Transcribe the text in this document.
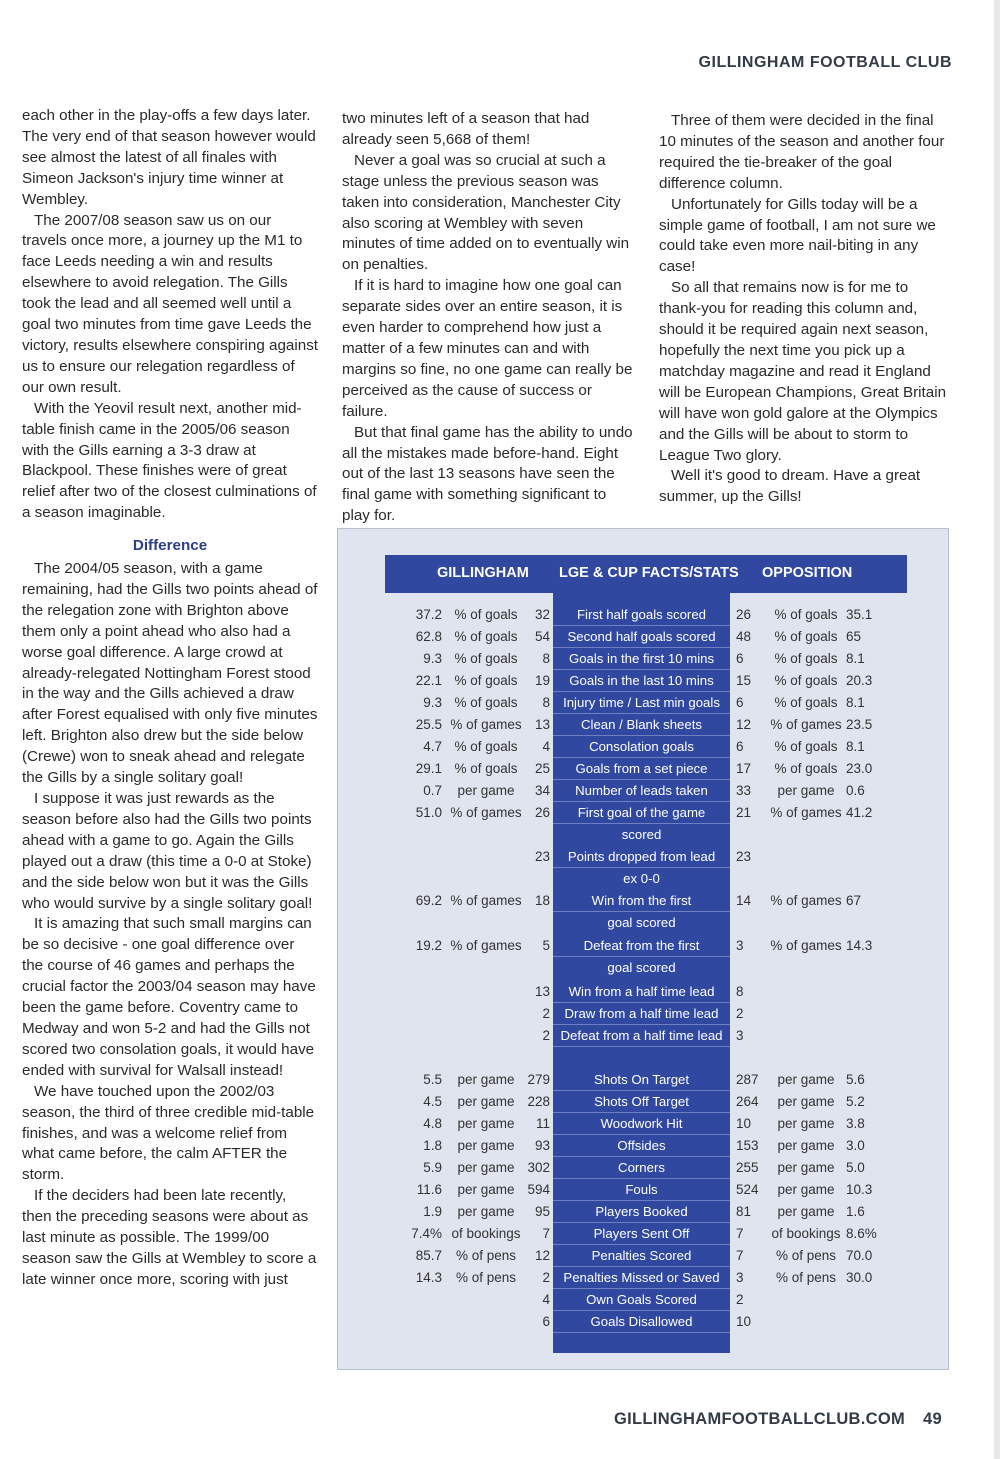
GILLINGHAM FOOTBALL CLUB

each other in the play-offs a few days later. The very end of that season however would see almost the latest of all finales with Simeon Jackson's injury time winner at Wembley.

The 2007/08 season saw us on our travels once more, a journey up the M1 to face Leeds needing a win and results elsewhere to avoid relegation. The Gills took the lead and all seemed well until a goal two minutes from time gave Leeds the victory, results elsewhere conspiring against us to ensure our relegation regardless of our own result.

With the Yeovil result next, another mid-table finish came in the 2005/06 season with the Gills earning a 3-3 draw at Blackpool. These finishes were of great relief after two of the closest culminations of a season imaginable.

Difference

The 2004/05 season, with a game remaining, had the Gills two points ahead of the relegation zone with Brighton above them only a point ahead who also had a worse goal difference. A large crowd at already-relegated Nottingham Forest stood in the way and the Gills achieved a draw after Forest equalised with only five minutes left. Brighton also drew but the side below (Crewe) won to sneak ahead and relegate the Gills by a single solitary goal!

I suppose it was just rewards as the season before also had the Gills two points ahead with a game to go. Again the Gills played out a draw (this time a 0-0 at Stoke) and the side below won but it was the Gills who would survive by a single solitary goal!

It is amazing that such small margins can be so decisive - one goal difference over the course of 46 games and perhaps the crucial factor the 2003/04 season may have been the game before. Coventry came to Medway and won 5-2 and had the Gills not scored two consolation goals, it would have ended with survival for Walsall instead!

We have touched upon the 2002/03 season, the third of three credible mid-table finishes, and was a welcome relief from what came before, the calm AFTER the storm.

If the deciders had been late recently, then the preceding seasons were about as last minute as possible. The 1999/00 season saw the Gills at Wembley to score a late winner once more, scoring with just

two minutes left of a season that had already seen 5,668 of them!

Never a goal was so crucial at such a stage unless the previous season was taken into consideration, Manchester City also scoring at Wembley with seven minutes of time added on to eventually win on penalties.

If it is hard to imagine how one goal can separate sides over an entire season, it is even harder to comprehend how just a matter of a few minutes can and with margins so fine, no one game can really be perceived as the cause of success or failure.

But that final game has the ability to undo all the mistakes made before-hand. Eight out of the last 13 seasons have seen the final game with something significant to play for.

Three of them were decided in the final 10 minutes of the season and another four required the tie-breaker of the goal difference column.

Unfortunately for Gills today will be a simple game of football, I am not sure we could take even more nail-biting in any case!

So all that remains now is for me to thank-you for reading this column and, should it be required again next season, hopefully the next time you pick up a matchday magazine and read it England will be European Champions, Great Britain will have won gold galore at the Olympics and the Gills will be about to storm to League Two glory.

Well it's good to dream. Have a great summer, up the Gills!

GILLINGHAM LGE & CUP FACTS/STATS OPPOSITION
37.2 % of goals	32	First half goals scored	26	% of goals 35.1
62.8 % of goals	54	Second half goals scored	48	% of goals 65
9.3 % of goals	8	Goals in the first 10 mins	6	% of goals 8.1
22.1 % of goals	19	Goals in the last 10 mins	15	% of goals 20.3
9.3 % of goals	8 Injury time / Last min goals	6	% of goals 8.1
25.5 % of games 13	Clean / Blank sheets	12	% of games 23.5
4.7 % of goals	4	Consolation goals	6	% of goals 8.1
29.1 % of goals	25	Goals from a set piece	17	% of goals 23.0
0.7	per game	34	Number of leads taken	33	per game 0.6
51.0 % of games 26	First goal of the game	21	% of games 41.2
scored
23	Points dropped from lead	23
ex 0-0
69.2 % of games 18	Win from the first	14	% of games 67
goal scored
19.2 % of games	5	Defeat from the first	3	% of games 14.3
goal scored
13	Win from a half time lead	8
2	Draw from a half time lead	2
2 Defeat from a half time lead	3
5.5	per game 279	Shots On Target	287	per game 5.6
4.5	per game 228	Shots Off Target	264	per game 5.2
4.8	per game	11	Woodwork Hit	10	per game 3.8
1.8	per game	93	Offsides	153	per game 3.0
5.9	per game 302	Corners	255	per game 5.0
11.6	per game 594	Fouls	524	per game 10.3
1.9	per game	95	Players Booked	81	per game 1.6
7.4% of bookings	7	Players Sent Off	7	of bookings 8.6%
85.7	% of pens	12	Penalties Scored	7	% of pens 70.0
14.3	% of pens	2	Penalties Missed or Saved	3	% of pens 30.0
4	Own Goals Scored	2
6	Goals Disallowed	10
GILLINGHAMFOOTBALLCLUB.COM 49
